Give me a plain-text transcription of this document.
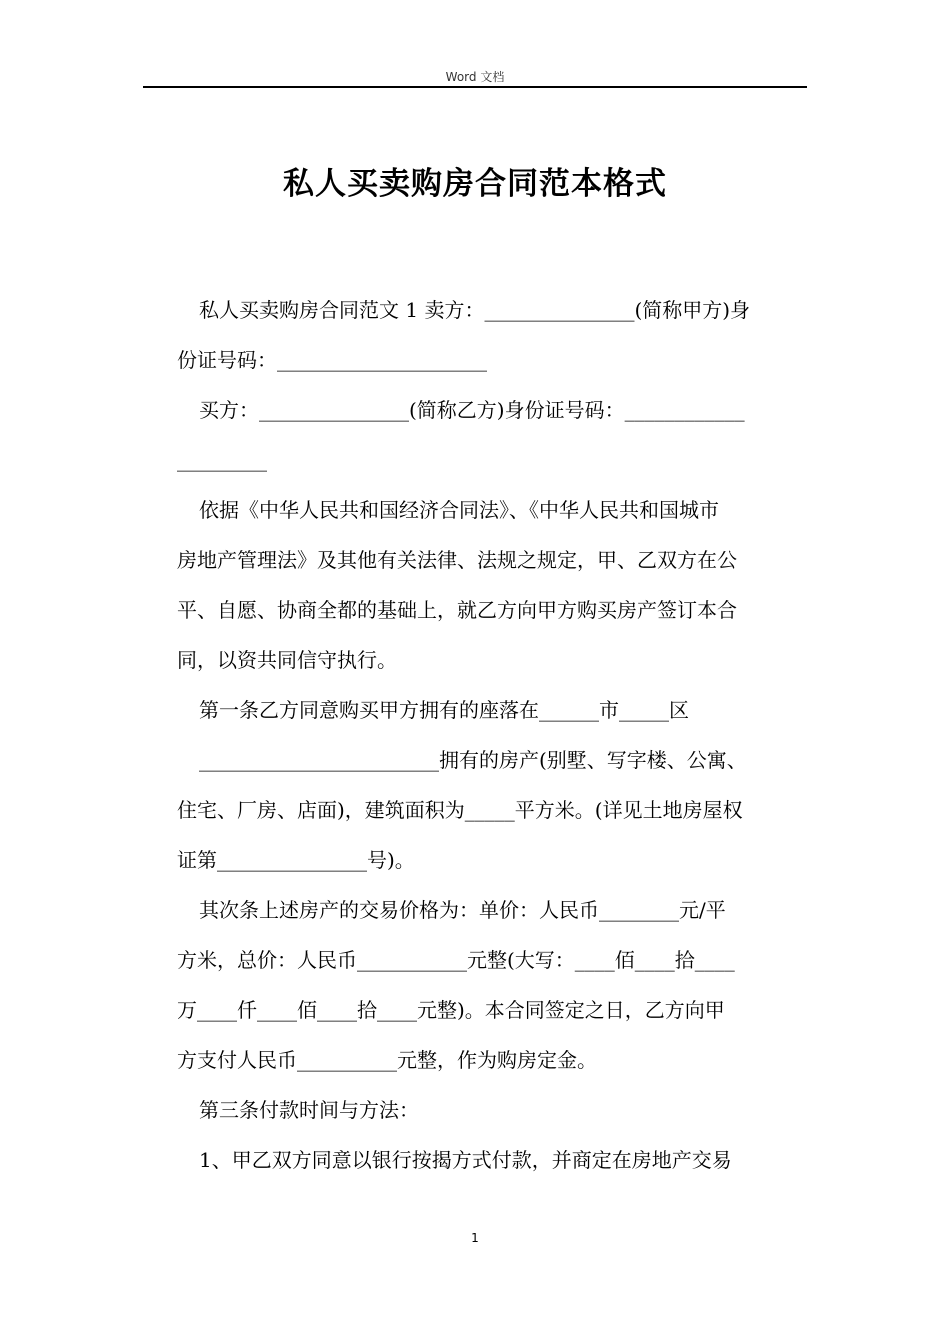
Word 文档
私人买卖购房合同范本格式
私人买卖购房合同范文 1 卖方：_______________(简称甲方)身
份证号码：_____________________
买方：_______________(简称乙方)身份证号码：____________
_________
依据《中华人民共和国经济合同法》、《中华人民共和国城市
房地产管理法》及其他有关法律、法规之规定，甲、乙双方在公
平、自愿、协商全都的基础上，就乙方向甲方购买房产签订本合
同，以资共同信守执行。
第一条乙方同意购买甲方拥有的座落在______市_____区
________________________拥有的房产(别墅、写字楼、公寓、
住宅、厂房、店面)，建筑面积为_____平方米。(详见土地房屋权
证第_______________号)。
其次条上述房产的交易价格为：单价：人民币________元/平
方米，总价：人民币___________元整(大写：____佰____拾____
万____仟____佰____拾____元整)。本合同签定之日，乙方向甲
方支付人民币__________元整，作为购房定金。
第三条付款时间与方法：
1、甲乙双方同意以银行按揭方式付款，并商定在房地产交易
1
